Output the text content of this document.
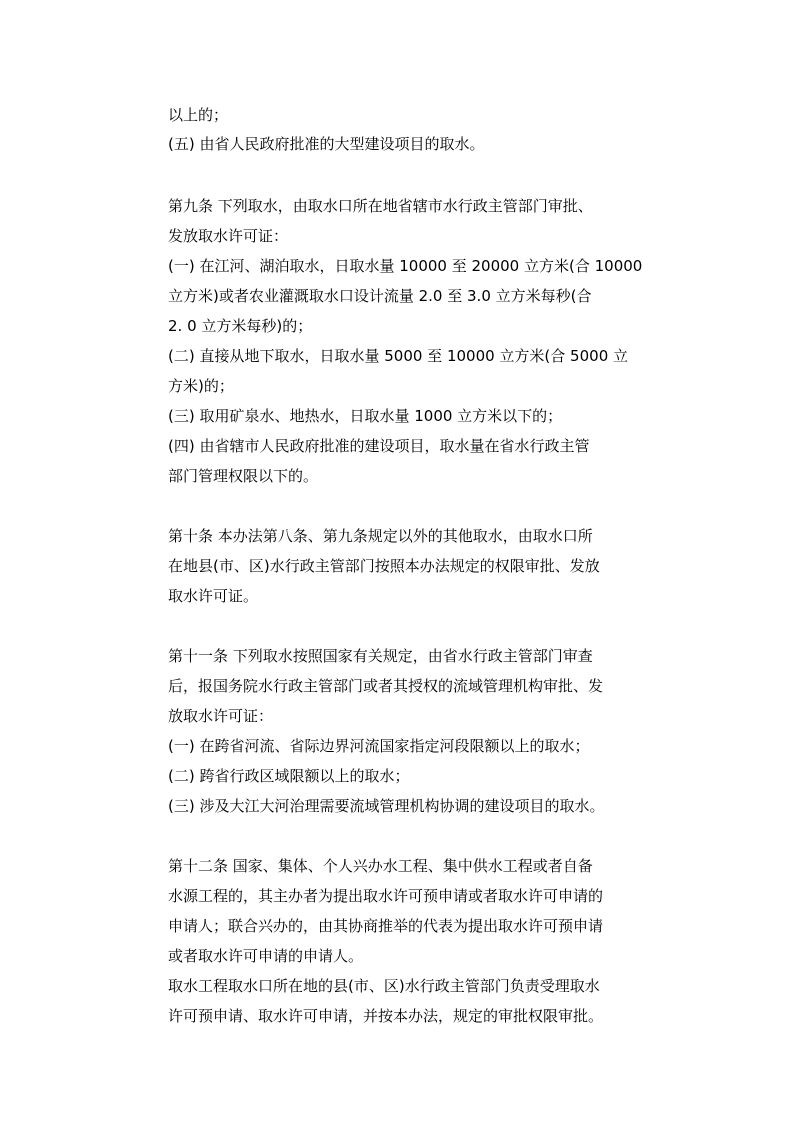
以上的；

(五) 由省人民政府批准的大型建设项目的取水。

第九条 下列取水，由取水口所在地省辖市水行政主管部门审批、

发放取水许可证：

(一) 在江河、湖泊取水，日取水量 10000 至 20000 立方米(合 10000

立方米)或者农业灌溉取水口设计流量 2.0 至 3.0 立方米每秒(合

2. 0 立方米每秒)的；

(二) 直接从地下取水，日取水量 5000 至 10000 立方米(合 5000 立

方米)的；

(三) 取用矿泉水、地热水，日取水量 1000 立方米以下的；

(四) 由省辖市人民政府批准的建设项目，取水量在省水行政主管

部门管理权限以下的。

第十条 本办法第八条、第九条规定以外的其他取水，由取水口所

在地县(市、区)水行政主管部门按照本办法规定的权限审批、发放

取水许可证。

第十一条 下列取水按照国家有关规定，由省水行政主管部门审查

后，报国务院水行政主管部门或者其授权的流域管理机构审批、发

放取水许可证：

(一) 在跨省河流、省际边界河流国家指定河段限额以上的取水；

(二) 跨省行政区域限额以上的取水；

(三) 涉及大江大河治理需要流域管理机构协调的建设项目的取水。

第十二条 国家、集体、个人兴办水工程、集中供水工程或者自备

水源工程的，其主办者为提出取水许可预申请或者取水许可申请的

申请人；联合兴办的，由其协商推举的代表为提出取水许可预申请

或者取水许可申请的申请人。

取水工程取水口所在地的县(市、区)水行政主管部门负责受理取水

许可预申请、取水许可申请，并按本办法，规定的审批权限审批。
